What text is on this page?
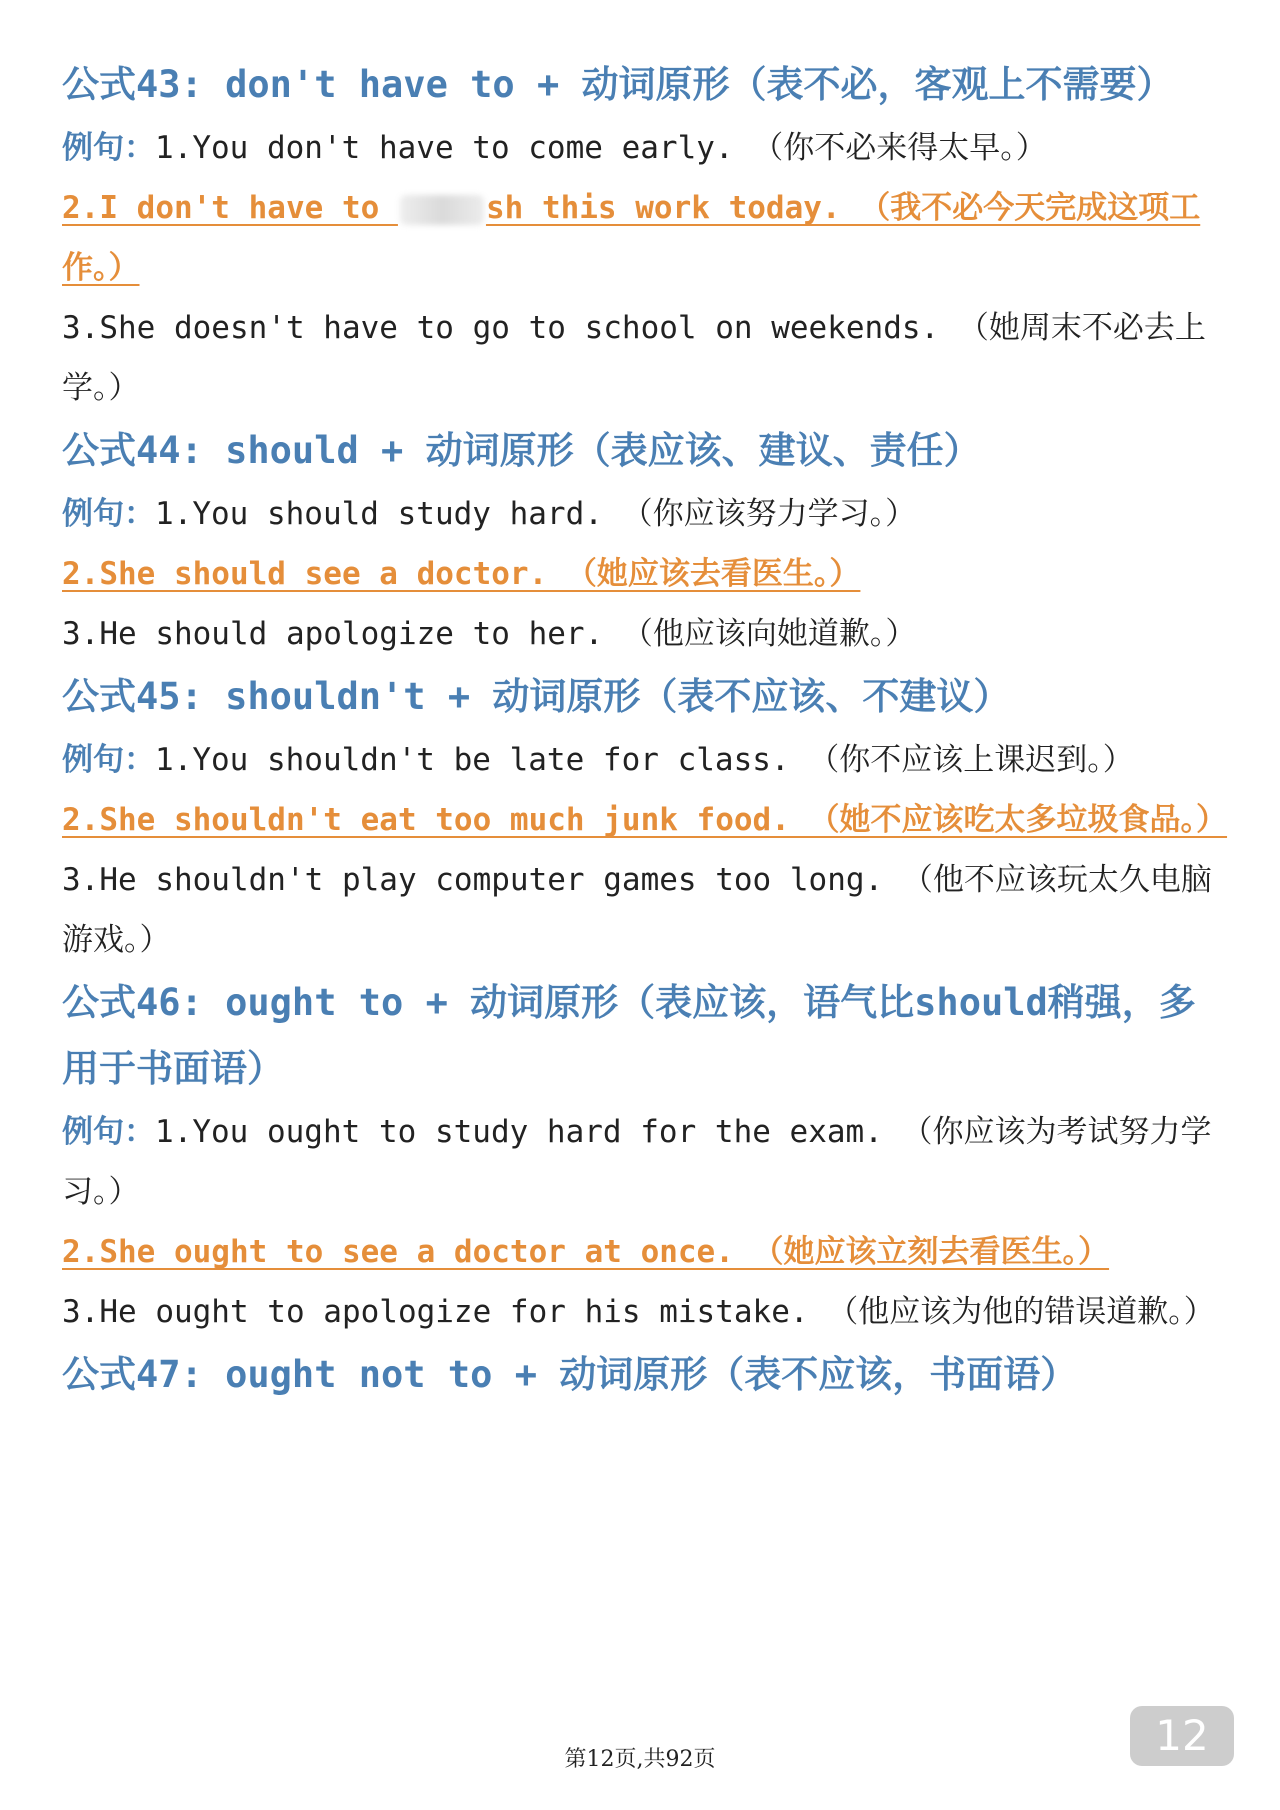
公式43: don't have to + 动词原形（表不必，客观上不需要）
例句：1.You don't have to come early. （你不必来得太早。）
2.I don't have to	sh this work today. （我不必今天完成这项工作。）
3.She doesn't have to go to school on weekends. （她周末不必去上学。）
公式44: should + 动词原形（表应该、建议、责任）
例句：1.You should study hard. （你应该努力学习。）
2.She should see a doctor. （她应该去看医生。）
3.He should apologize to her. （他应该向她道歉。）
公式45: shouldn't + 动词原形（表不应该、不建议）
例句：1.You shouldn't be late for class. （你不应该上课迟到。）
2.She shouldn't eat too much junk food. （她不应该吃太多垃圾食品。）
3.He shouldn't play computer games too long. （他不应该玩太久电脑游戏。）
公式46: ought to + 动词原形（表应该，语气比should稍强，多用于书面语）
例句：1.You ought to study hard for the exam. （你应该为考试努力学习。）
2.She ought to see a doctor at once. （她应该立刻去看医生。）
3.He ought to apologize for his mistake. （他应该为他的错误道歉。）
公式47: ought not to + 动词原形（表不应该，书面语）
第12页,共92页	12
